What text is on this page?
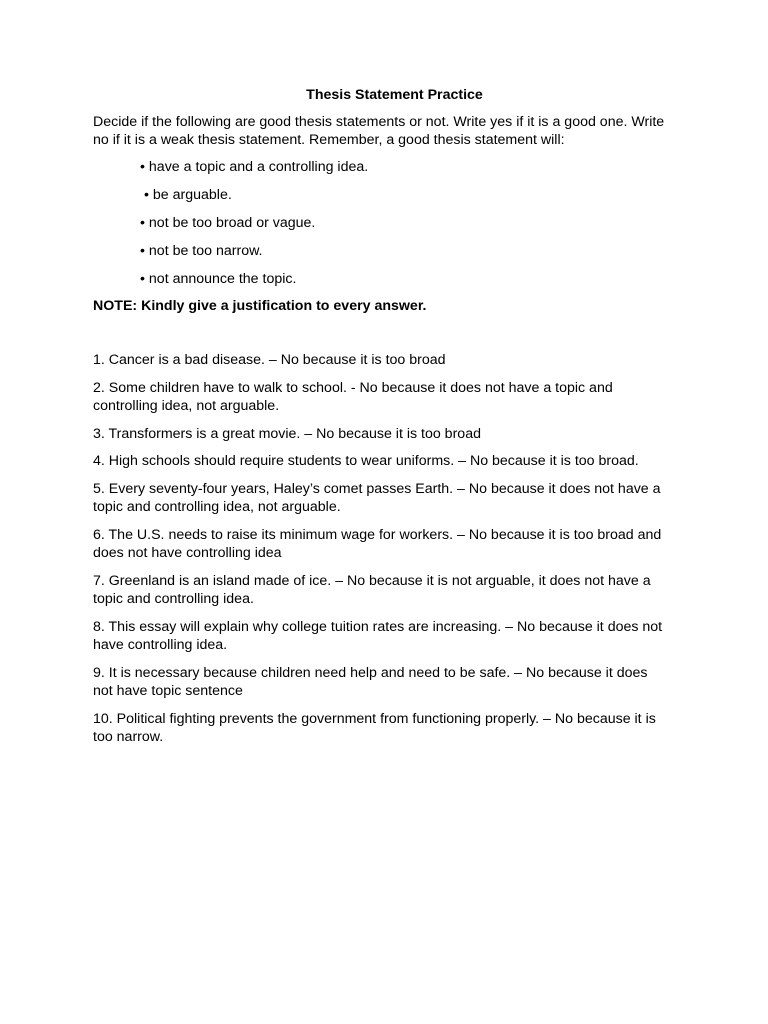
Thesis Statement Practice

Decide if the following are good thesis statements or not. Write yes if it is a good one. Write no if it is a weak thesis statement. Remember, a good thesis statement will:

• have a topic and a controlling idea.
• be arguable.
• not be too broad or vague.
• not be too narrow.
• not announce the topic.

NOTE: Kindly give a justification to every answer.

1. Cancer is a bad disease. – No because it is too broad
2. Some children have to walk to school. - No because it does not have a topic and controlling idea, not arguable.
3. Transformers is a great movie. – No because it is too broad
4. High schools should require students to wear uniforms. – No because it is too broad.
5. Every seventy-four years, Haley’s comet passes Earth. – No because it does not have a topic and controlling idea, not arguable.
6. The U.S. needs to raise its minimum wage for workers. – No because it is too broad and does not have controlling idea
7. Greenland is an island made of ice. – No because it is not arguable, it does not have a topic and controlling idea.
8. This essay will explain why college tuition rates are increasing. – No because it does not have controlling idea.
9. It is necessary because children need help and need to be safe. – No because it does not have topic sentence
10. Political fighting prevents the government from functioning properly. – No because it is too narrow.
